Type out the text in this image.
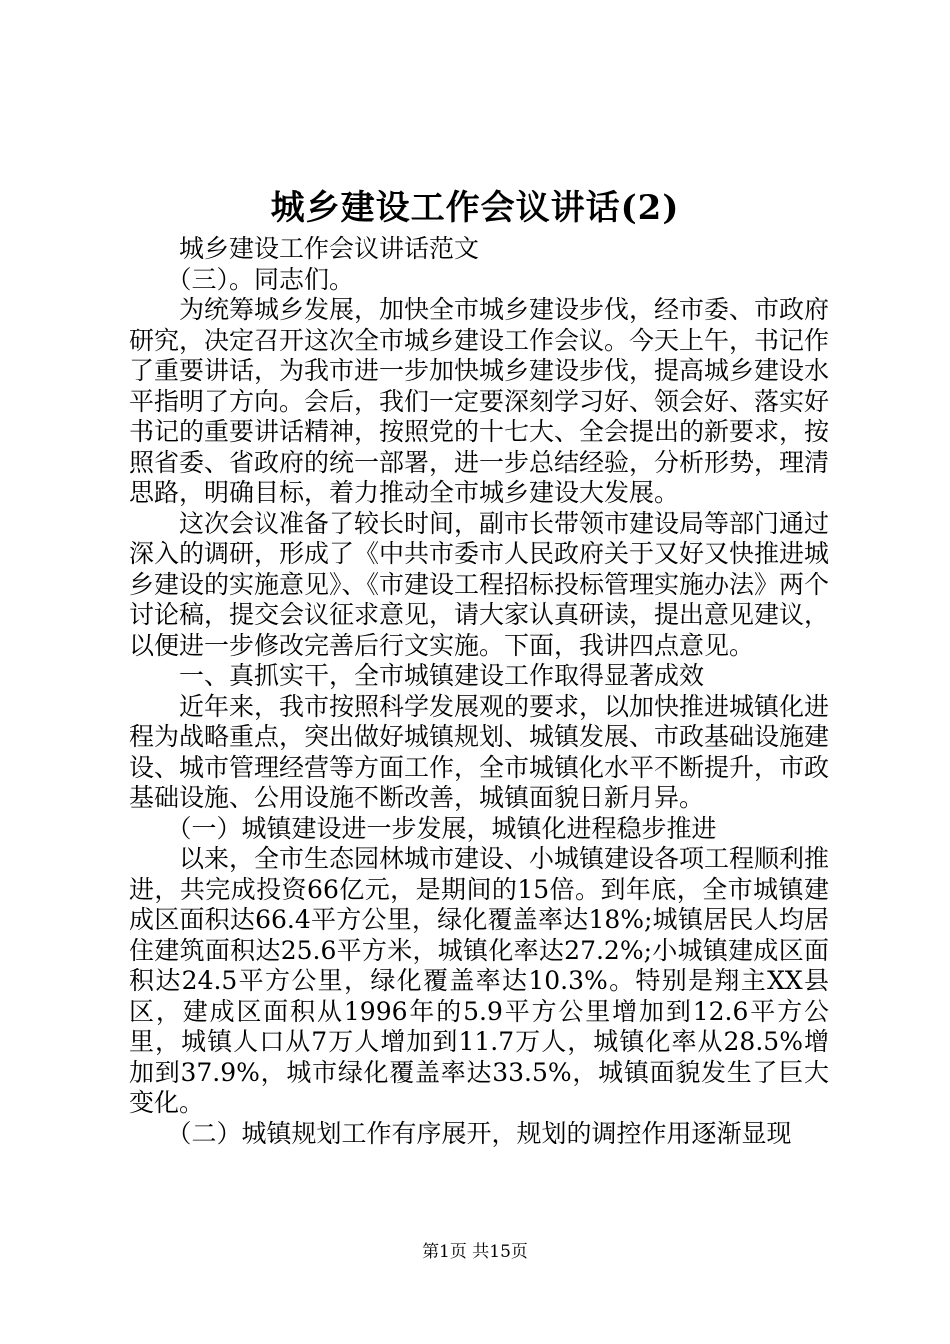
城乡建设工作会议讲话(2)

城乡建设工作会议讲话范文

（三）。同志们。

为统筹城乡发展，加快全市城乡建设步伐，经市委、市政府研究，决定召开这次全市城乡建设工作会议。今天上午，书记作了重要讲话，为我市进一步加快城乡建设步伐，提高城乡建设水平指明了方向。会后，我们一定要深刻学习好、领会好、落实好书记的重要讲话精神，按照党的十七大、全会提出的新要求，按照省委、省政府的统一部署，进一步总结经验，分析形势，理清思路，明确目标，着力推动全市城乡建设大发展。

这次会议准备了较长时间，副市长带领市建设局等部门通过深入的调研，形成了《中共市委市人民政府关于又好又快推进城乡建设的实施意见》、《市建设工程招标投标管理实施办法》两个讨论稿，提交会议征求意见，请大家认真研读，提出意见建议，以便进一步修改完善后行文实施。下面，我讲四点意见。

一、真抓实干，全市城镇建设工作取得显著成效

近年来，我市按照科学发展观的要求，以加快推进城镇化进程为战略重点，突出做好城镇规划、城镇发展、市政基础设施建设、城市管理经营等方面工作，全市城镇化水平不断提升，市政基础设施、公用设施不断改善，城镇面貌日新月异。

（一）城镇建设进一步发展，城镇化进程稳步推进

以来，全市生态园林城市建设、小城镇建设各项工程顺利推进，共完成投资66亿元，是期间的15倍。到年底，全市城镇建成区面积达66.4平方公里，绿化覆盖率达18%;城镇居民人均居住建筑面积达25.6平方米，城镇化率达27.2%;小城镇建成区面积达24.5平方公里，绿化覆盖率达10.3%。特别是翔主XX县区，建成区面积从1996年的5.9平方公里增加到12.6平方公里，城镇人口从7万人增加到11.7万人，城镇化率从28.5%增加到37.9%，城市绿化覆盖率达33.5%，城镇面貌发生了巨大变化。

（二）城镇规划工作有序展开，规划的调控作用逐渐显现

第1页 共15页
